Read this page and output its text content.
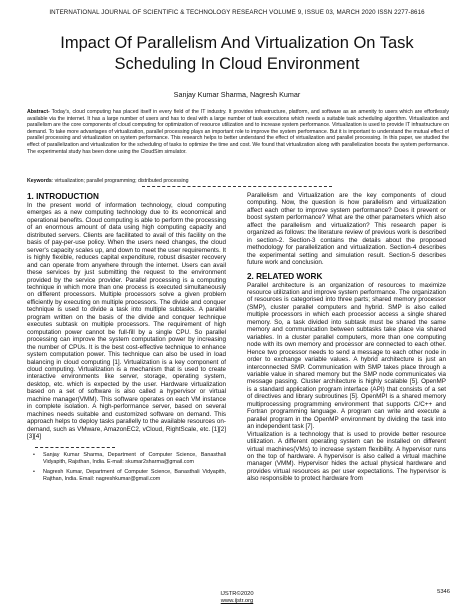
INTERNATIONAL JOURNAL OF SCIENTIFIC & TECHNOLOGY RESEARCH VOLUME 9, ISSUE 03, MARCH 2020 ISSN 2277-8616
Impact Of Parallelism And Virtualization On Task Scheduling In Cloud Environment
Sanjay Kumar Sharma, Nagresh Kumar

Abstract- Today's, cloud computing has placed itself in every field of the IT industry. It provides infrastructure, platform, and software as an amenity to users which are effortlessly available via the internet. It has a large number of users and has to deal with a large number of task executions which needs a suitable task scheduling algorithm. Virtualization and parallelism are the core components of cloud computing for optimization of resource utilization and to increase system performance. Virtualization is used to provide IT infrastructure on demand. To take more advantages of virtualization, parallel processing plays an important role to improve the system performance. But it is important to understand the mutual effect of parallel processing and virtualization on system performance. This research helps to better understand the effect of virtualization and parallel processing. In this paper, we studied the effect of parallelization and virtualization for the scheduling of tasks to optimize the time and cost. We found that virtualization along with parallelization boosts the system performance. The experimental study has been done using the CloudSim simulator.

Keywords: virtualization; parallel programming; distributed processing
1. INTRODUCTION

In the present world of information technology, cloud computing emerges as a new computing technology due to its economical and operational benefits. Cloud computing is able to perform the processing of an enormous amount of data using high computing capacity and distributed servers. Clients are facilitated to avail of this facility on the basis of pay-per-use policy. When the users need changes, the cloud server's capacity scales up, and down to meet the user requirements. It is highly flexible, reduces capital expenditure, robust disaster recovery and can operate from anywhere through the internet. Users can avail these services by just submitting the request to the environment provided by the service provider. Parallel processing is a computing technique in which more than one process is executed simultaneously on different processors. Multiple processors solve a given problem efficiently by executing on multiple processors. The divide and conquer technique is used to divide a task into multiple subtasks. A parallel program written on the basis of the divide and conquer technique executes subtask on multiple processors. The requirement of high computation power cannot be full-fill by a single CPU. So parallel processing can improve the system computation power by increasing the number of CPUs. It is the best cost-effective technique to enhance system computation power. This technique can also be used in load balancing in cloud computing [1]. Virtualization is a key component of cloud computing. Virtualization is a mechanism that is used to create interactive environments like server, storage, operating system, desktop, etc. which is expected by the user. Hardware virtualization based on a set of software is also called a hypervisor or virtual machine manager(VMM). This software operates on each VM instance in complete isolation. A high-performance server, based on several machines needs suitable and customized software on demand. This approach helps to deploy tasks parallelly to the available resources on-demand, such as VMware, AmazonEC2, vCloud, RightScale, etc. [1][2][3][4]

• Sanjay Kumar Sharma, Department of Computer Science, Banasthali Vidyapith, Rajsthan, India. E-mail: skumar2sharma@gmail.com
• Nagresh Kumar, Department of Computer Science, Banasthali Vidyapith, Rajthan, India. Email: nagreshkumar@gmail.com

Parallelism and Virtualization are the key components of cloud computing. Now, the question is how parallelism and virtualization affect each other to improve system performance? Does it prevent or boost system performance? What are the other parameters which also affect the parallelism and virtualization? This research paper is organized as follows: the literature review of previous work is described in section-2. Section-3 contains the details about the proposed methodology for parallelization and virtualization. Section-4 describes the experimental setting and simulation result. Section-5 describes future work and conclusion.

2. RELATED WORK

Parallel architecture is an organization of resources to maximize resource utilization and improve system performance. The organization of resources is categorised into three parts; shared memory processor (SMP), cluster parallel computers and hybrid. SMP is also called multiple processors in which each processor access a single shared memory. So, a task divided into subtask must be shared the same memory and communication between subtasks take place via shared variables. In a cluster parallel computers, more than one computing node with its own memory and processor are connected to each other. Hence two processor needs to send a message to each other node in order to exchange variable values. A hybrid architecture is just an interconnected SMP. Communication with SMP takes place through a variable value in shared memory but the SMP node communicates via message passing. Cluster architecture is highly scalable [5]. OpenMP is a standard application program interface (API) that consists of a set of directives and library subroutines [5]. OpenMPI is a shared memory multiprocessing programming environment that supports C/C++ and Fortran programming language. A program can write and execute a parallel program in the OpenMP environment by dividing the task into an independent task [7].

Virtualization is a technology that is used to provide better resource utilization. A different operating system can be installed on different virtual machines(VMs) to increase system flexibility. A hypervisor runs on the top of hardware. A hypervisor is also called a virtual machine manager (VMM). Hypervisor hides the actual physical hardware and provides virtual resources as per user expectations. The hypervisor is also responsible to protect hardware from

5346
IJSTR©2020
www.ijstr.org
